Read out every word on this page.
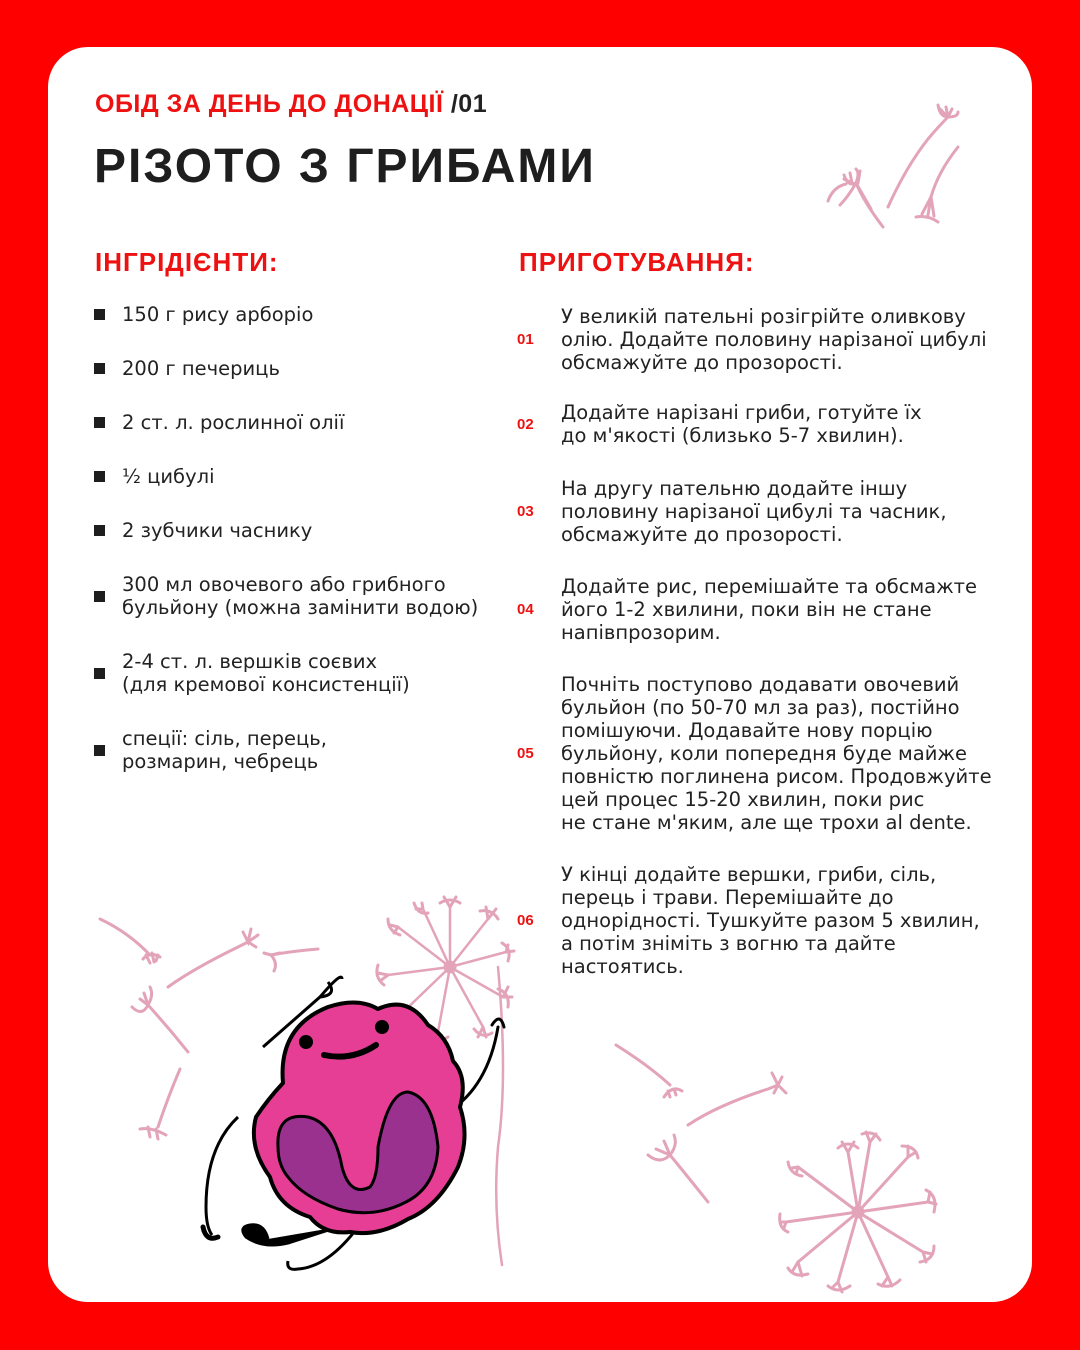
ОБІД ЗА ДЕНЬ ДО ДОНАЦІЇ /01
РІЗОТО З ГРИБАМИ
ІНГРІДІЄНТИ:	ПРИГОТУВАННЯ:
150 г рису арборіо
200 г печериць
2 ст. л. рослинної олії
½ цибулі
2 зубчики часнику
300 мл овочевого або грибного бульйону (можна замінити водою)
2-4 ст. л. вершків соєвих (для кремової консистенції)
спеції: сіль, перець, розмарин, чебрець
01
У великій пательні розігрійте оливкову
олію. Додайте половину нарізаної цибулі
обсмажуйте до прозорості.
02	Додайте нарізані гриби, готуйте їх
до м'якості (близько 5-7 хвилин).
03
На другу пательню додайте іншу
половину нарізаної цибулі та часник,
обсмажуйте до прозорості.
04
Додайте рис, перемішайте та обсмажте
його 1-2 хвилини, поки він не стане
напівпрозорим.
05
Почніть поступово додавати овочевий
бульйон (по 50-70 мл за раз), постійно
помішуючи. Додавайте нову порцію
бульйону, коли попередня буде майже
повністю поглинена рисом. Продовжуйте
цей процес 15-20 хвилин, поки рис
не стане м'яким, але ще трохи al dente.
06
У кінці додайте вершки, гриби, сіль,
перець і трави. Перемішайте до
однорідності. Тушкуйте разом 5 хвилин,
а потім зніміть з вогню та дайте
настоятись.
